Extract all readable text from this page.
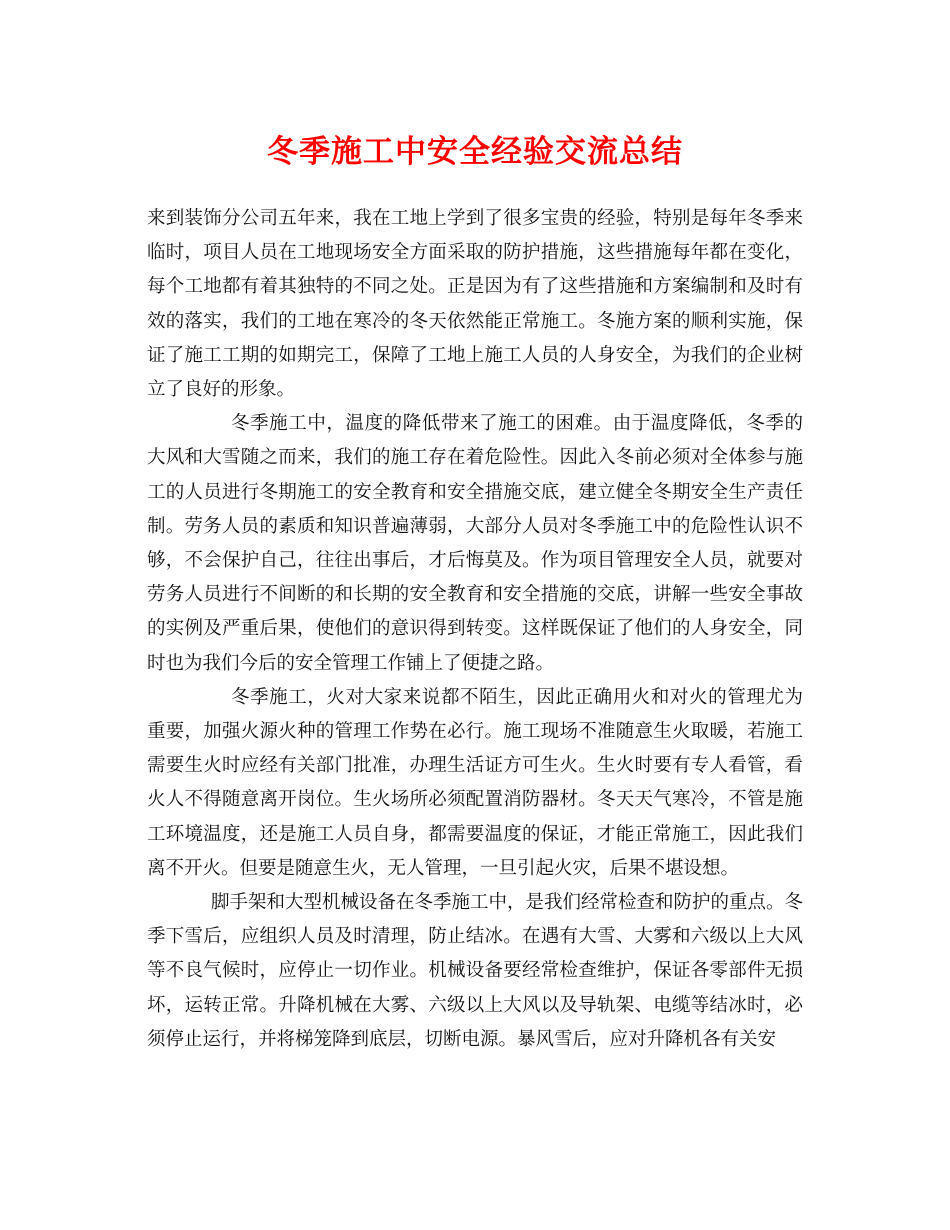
冬季施工中安全经验交流总结

来到装饰分公司五年来，我在工地上学到了很多宝贵的经验，特别是每年冬季来临时，项目人员在工地现场安全方面采取的防护措施，这些措施每年都在变化，每个工地都有着其独特的不同之处。正是因为有了这些措施和方案编制和及时有效的落实，我们的工地在寒冷的冬天依然能正常施工。冬施方案的顺利实施，保证了施工工期的如期完工，保障了工地上施工人员的人身安全，为我们的企业树立了良好的形象。

冬季施工中，温度的降低带来了施工的困难。由于温度降低，冬季的大风和大雪随之而来，我们的施工存在着危险性。因此入冬前必须对全体参与施工的人员进行冬期施工的安全教育和安全措施交底，建立健全冬期安全生产责任制。劳务人员的素质和知识普遍薄弱，大部分人员对冬季施工中的危险性认识不够，不会保护自己，往往出事后，才后悔莫及。作为项目管理安全人员，就要对劳务人员进行不间断的和长期的安全教育和安全措施的交底，讲解一些安全事故的实例及严重后果，使他们的意识得到转变。这样既保证了他们的人身安全，同时也为我们今后的安全管理工作铺上了便捷之路。

冬季施工，火对大家来说都不陌生，因此正确用火和对火的管理尤为重要，加强火源火种的管理工作势在必行。施工现场不准随意生火取暖，若施工需要生火时应经有关部门批准，办理生活证方可生火。生火时要有专人看管，看火人不得随意离开岗位。生火场所必须配置消防器材。冬天天气寒冷，不管是施工环境温度，还是施工人员自身，都需要温度的保证，才能正常施工，因此我们离不开火。但要是随意生火，无人管理，一旦引起火灾，后果不堪设想。

脚手架和大型机械设备在冬季施工中，是我们经常检查和防护的重点。冬季下雪后，应组织人员及时清理，防止结冰。在遇有大雪、大雾和六级以上大风等不良气候时，应停止一切作业。机械设备要经常检查维护，保证各零部件无损坏，运转正常。升降机械在大雾、六级以上大风以及导轨架、电缆等结冰时，必须停止运行，并将梯笼降到底层，切断电源。暴风雪后，应对升降机各有关安
